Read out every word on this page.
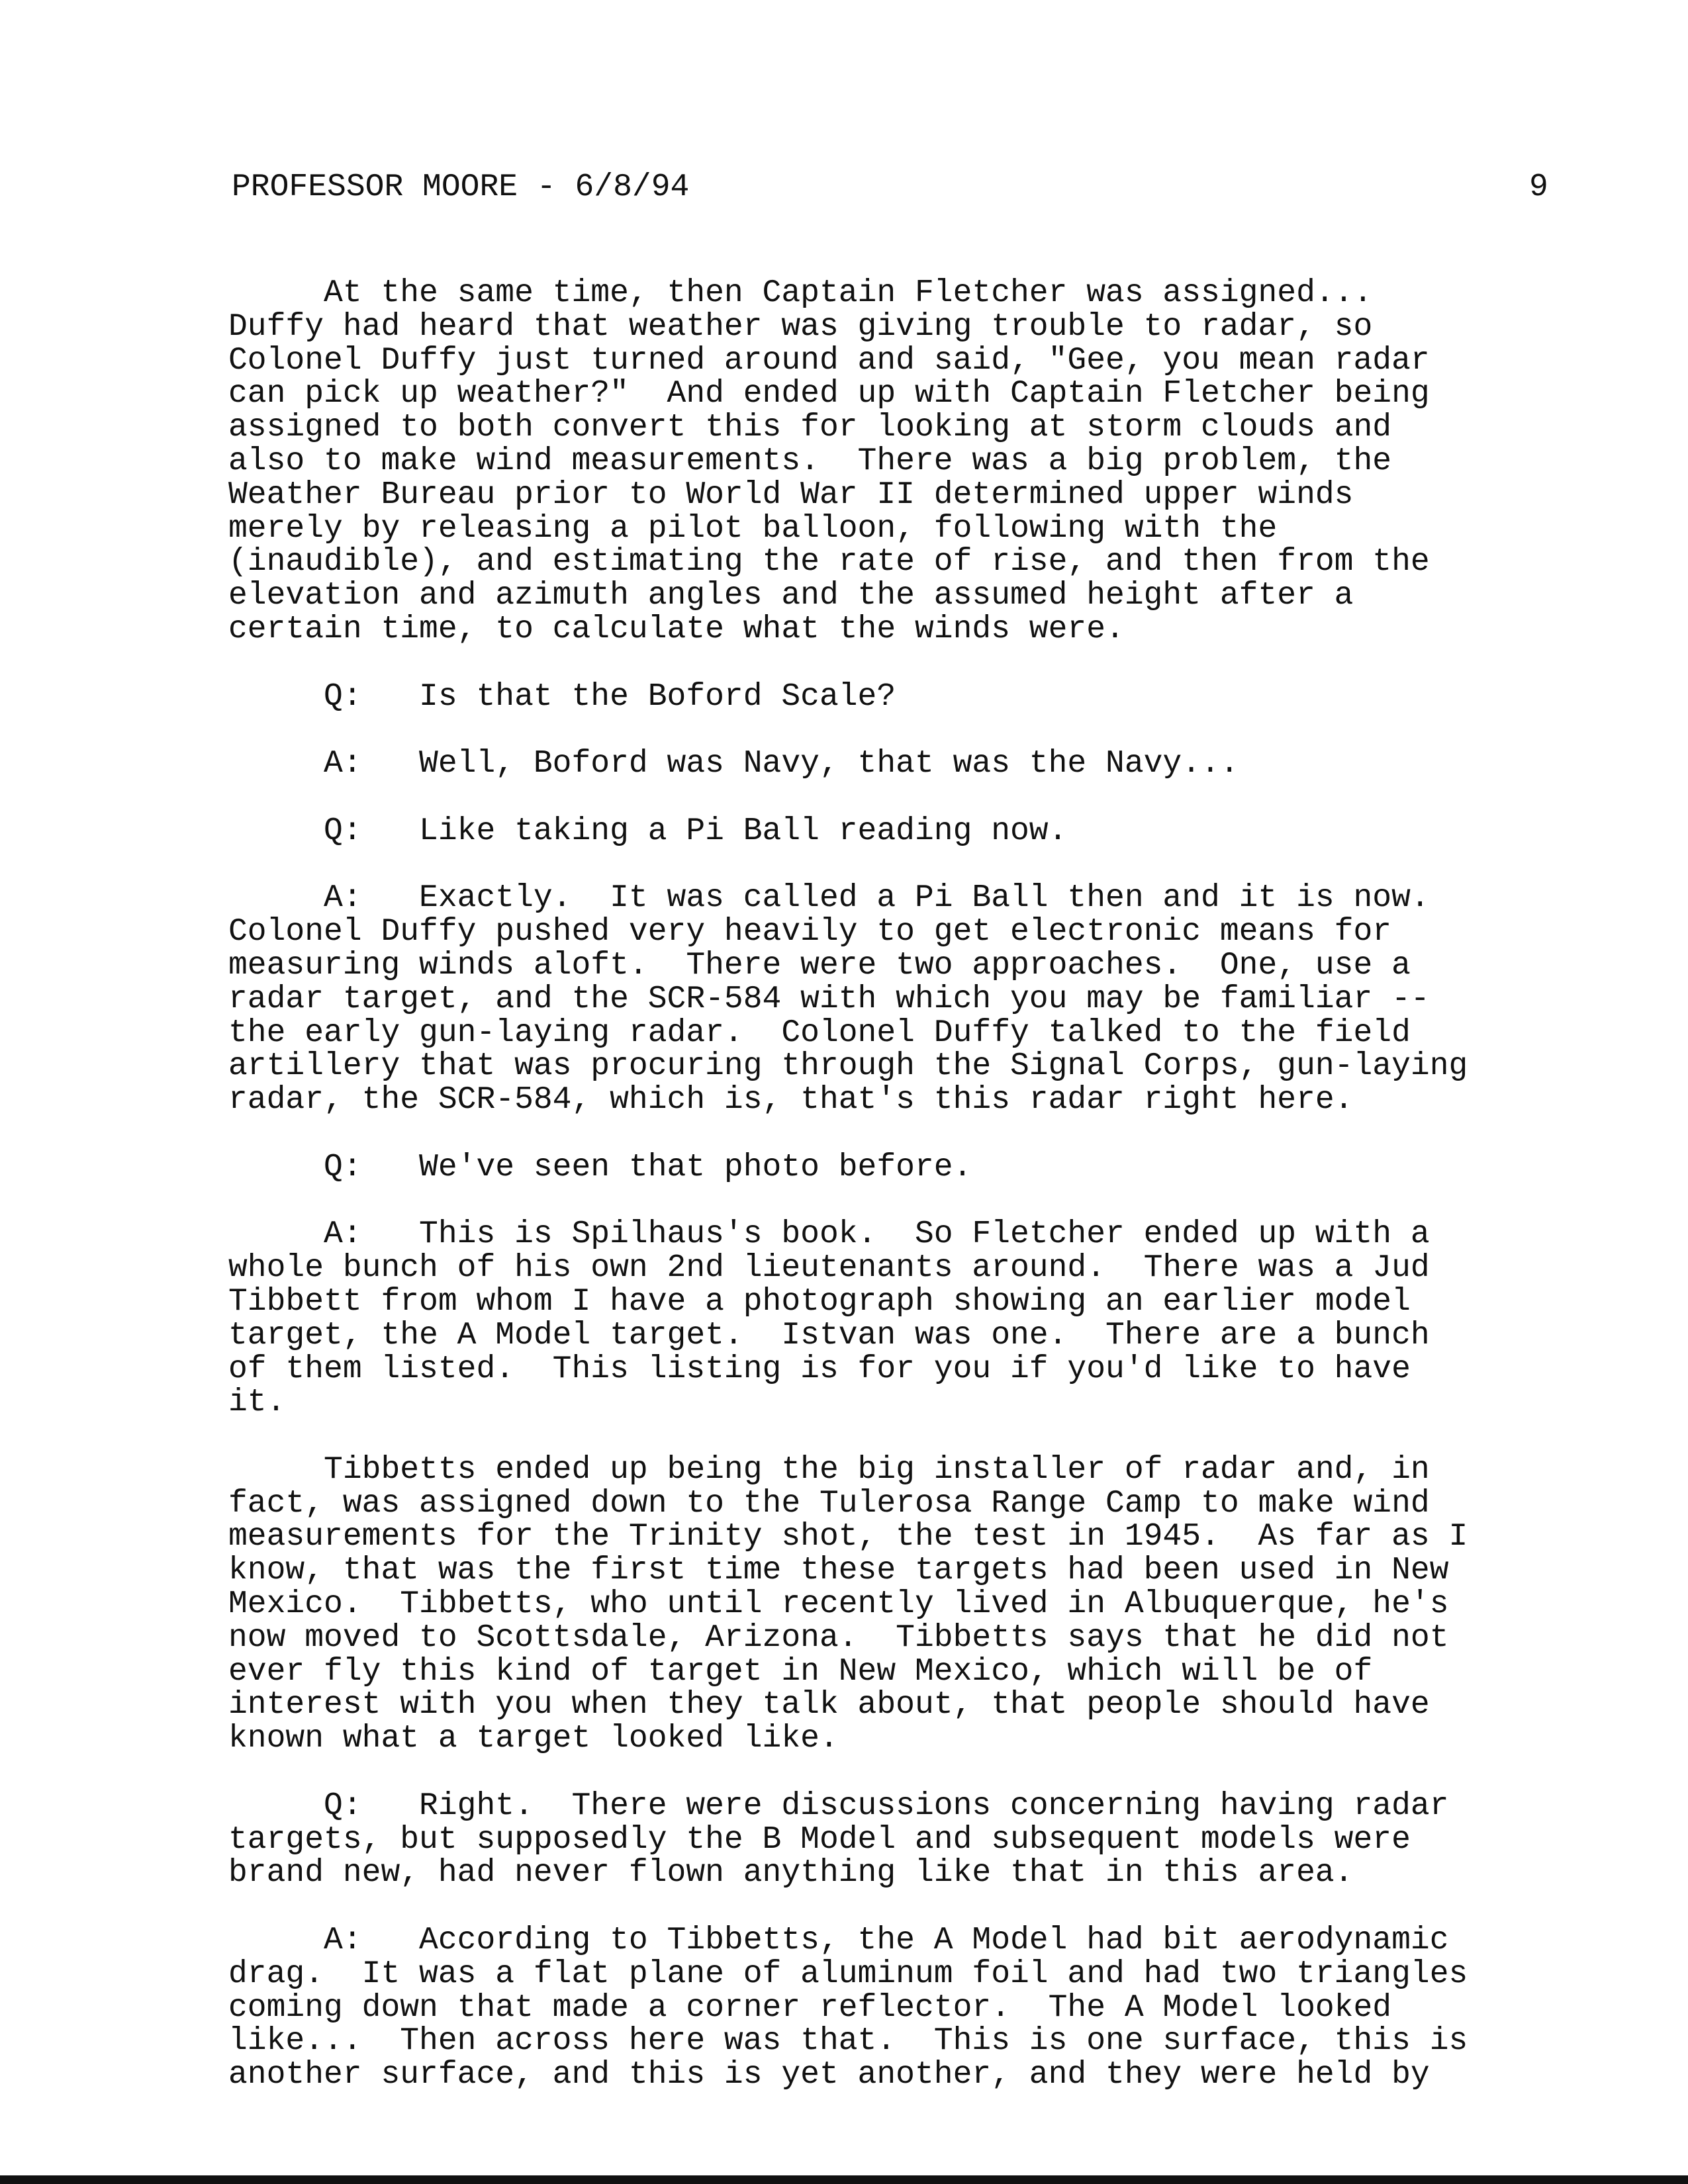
PROFESSOR MOORE - 6/8/94	9

At the same time, then Captain Fletcher was assigned...
Duffy had heard that weather was giving trouble to radar, so
Colonel Duffy just turned around and said, "Gee, you mean radar
can pick up weather?"  And ended up with Captain Fletcher being
assigned to both convert this for looking at storm clouds and
also to make wind measurements.  There was a big problem, the
Weather Bureau prior to World War II determined upper winds
merely by releasing a pilot balloon, following with the
(inaudible), and estimating the rate of rise, and then from the
elevation and azimuth angles and the assumed height after a
certain time, to calculate what the winds were.

Q:   Is that the Boford Scale?

A:   Well, Boford was Navy, that was the Navy...

Q:   Like taking a Pi Ball reading now.

A:   Exactly.  It was called a Pi Ball then and it is now.
Colonel Duffy pushed very heavily to get electronic means for
measuring winds aloft.  There were two approaches.  One, use a
radar target, and the SCR-584 with which you may be familiar --
the early gun-laying radar.  Colonel Duffy talked to the field
artillery that was procuring through the Signal Corps, gun-laying
radar, the SCR-584, which is, that's this radar right here.

Q:   We've seen that photo before.

A:   This is Spilhaus's book.  So Fletcher ended up with a
whole bunch of his own 2nd lieutenants around.  There was a Jud
Tibbett from whom I have a photograph showing an earlier model
target, the A Model target.  Istvan was one.  There are a bunch
of them listed.  This listing is for you if you'd like to have
it.

Tibbetts ended up being the big installer of radar and, in
fact, was assigned down to the Tulerosa Range Camp to make wind
measurements for the Trinity shot, the test in 1945.  As far as I
know, that was the first time these targets had been used in New
Mexico.  Tibbetts, who until recently lived in Albuquerque, he's
now moved to Scottsdale, Arizona.  Tibbetts says that he did not
ever fly this kind of target in New Mexico, which will be of
interest with you when they talk about, that people should have
known what a target looked like.

Q:   Right.  There were discussions concerning having radar
targets, but supposedly the B Model and subsequent models were
brand new, had never flown anything like that in this area.

A:   According to Tibbetts, the A Model had bit aerodynamic
drag.  It was a flat plane of aluminum foil and had two triangles
coming down that made a corner reflector.  The A Model looked
like...  Then across here was that.  This is one surface, this is
another surface, and this is yet another, and they were held by
